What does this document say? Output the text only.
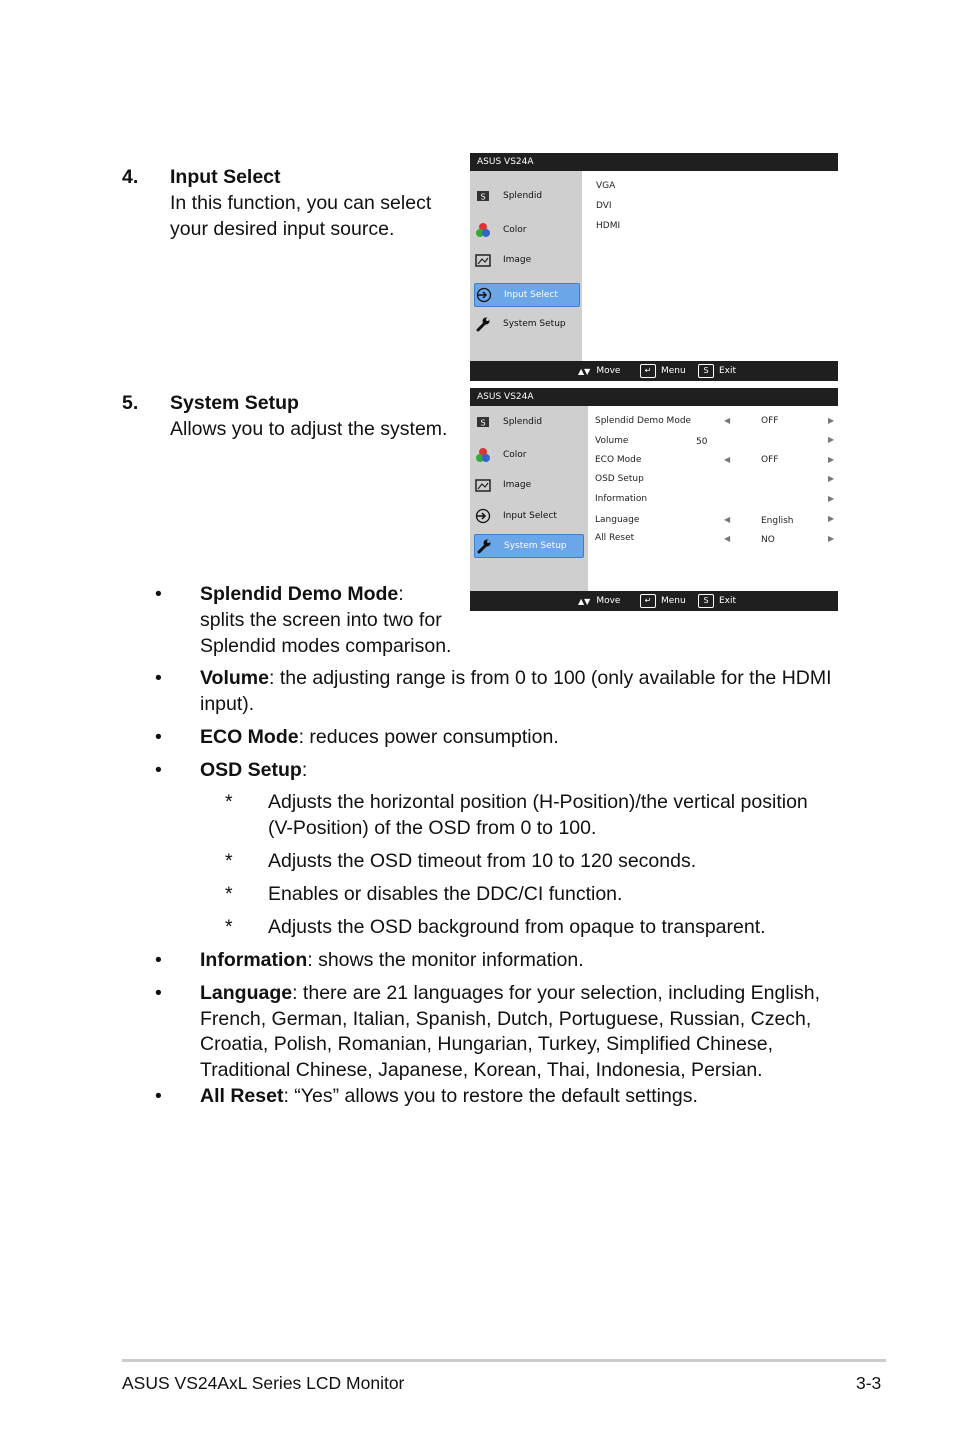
4. Input Select
In this function, you can select
your desired input source.
ASUS VS24A
S Splendid
Color
Image
Input Select
System Setup
VGA
DVI
HDMI
▲▼ Move	↵	Menu	S	Exit
5. System Setup
Allows you to adjust the system.
ASUS VS24A
S Splendid
Color
Image
Input Select
System Setup
Splendid Demo Mode	◀	OFF	▶
Volume	50	▶
ECO Mode	◀	OFF	▶
OSD Setup	▶
Information	▶
Language	◀	English	▶
All Reset	◀	NO	▶
▲▼ Move	↵	Menu	S	Exit
• Splendid Demo Mode:
splits the screen into two for
Splendid modes comparison.
• Volume: the adjusting range is from 0 to 100 (only available for the HDMI
input).
• ECO Mode: reduces power consumption.
• OSD Setup:
* Adjusts the horizontal position (H-Position)/the vertical position
(V-Position) of the OSD from 0 to 100.
* Adjusts the OSD timeout from 10 to 120 seconds.
* Enables or disables the DDC/CI function.
* Adjusts the OSD background from opaque to transparent.
• Information: shows the monitor information.
• Language: there are 21 languages for your selection, including English,
French, German, Italian, Spanish, Dutch, Portuguese, Russian, Czech,
Croatia, Polish, Romanian, Hungarian, Turkey, Simplified Chinese,
Traditional Chinese, Japanese, Korean, Thai, Indonesia, Persian.
• All Reset: “Yes” allows you to restore the default settings.
ASUS VS24AxL Series LCD Monitor	3-3
